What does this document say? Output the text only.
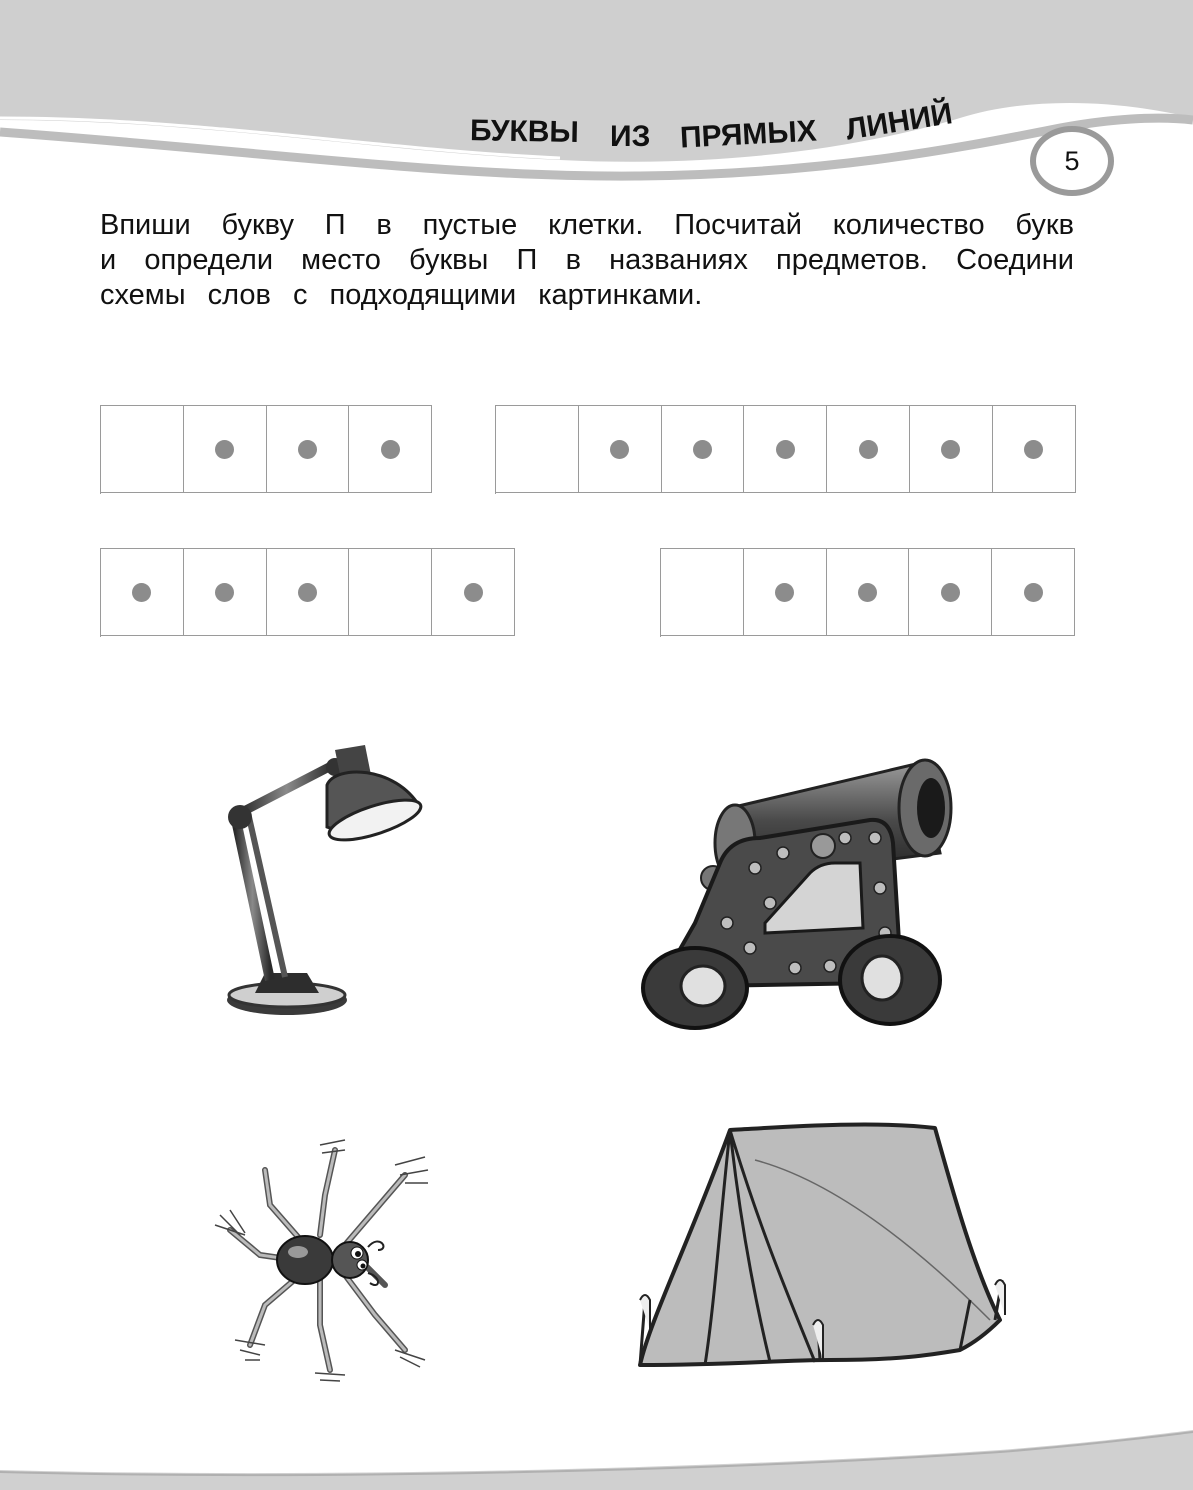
БУКВЫ ИЗ ПРЯМЫХ ЛИНИЙ
5

Впиши букву П в пустые клетки. Посчитай количество букв
и определи место буквы П в названиях предметов. Соедини
схемы слов с подходящими картинками.
